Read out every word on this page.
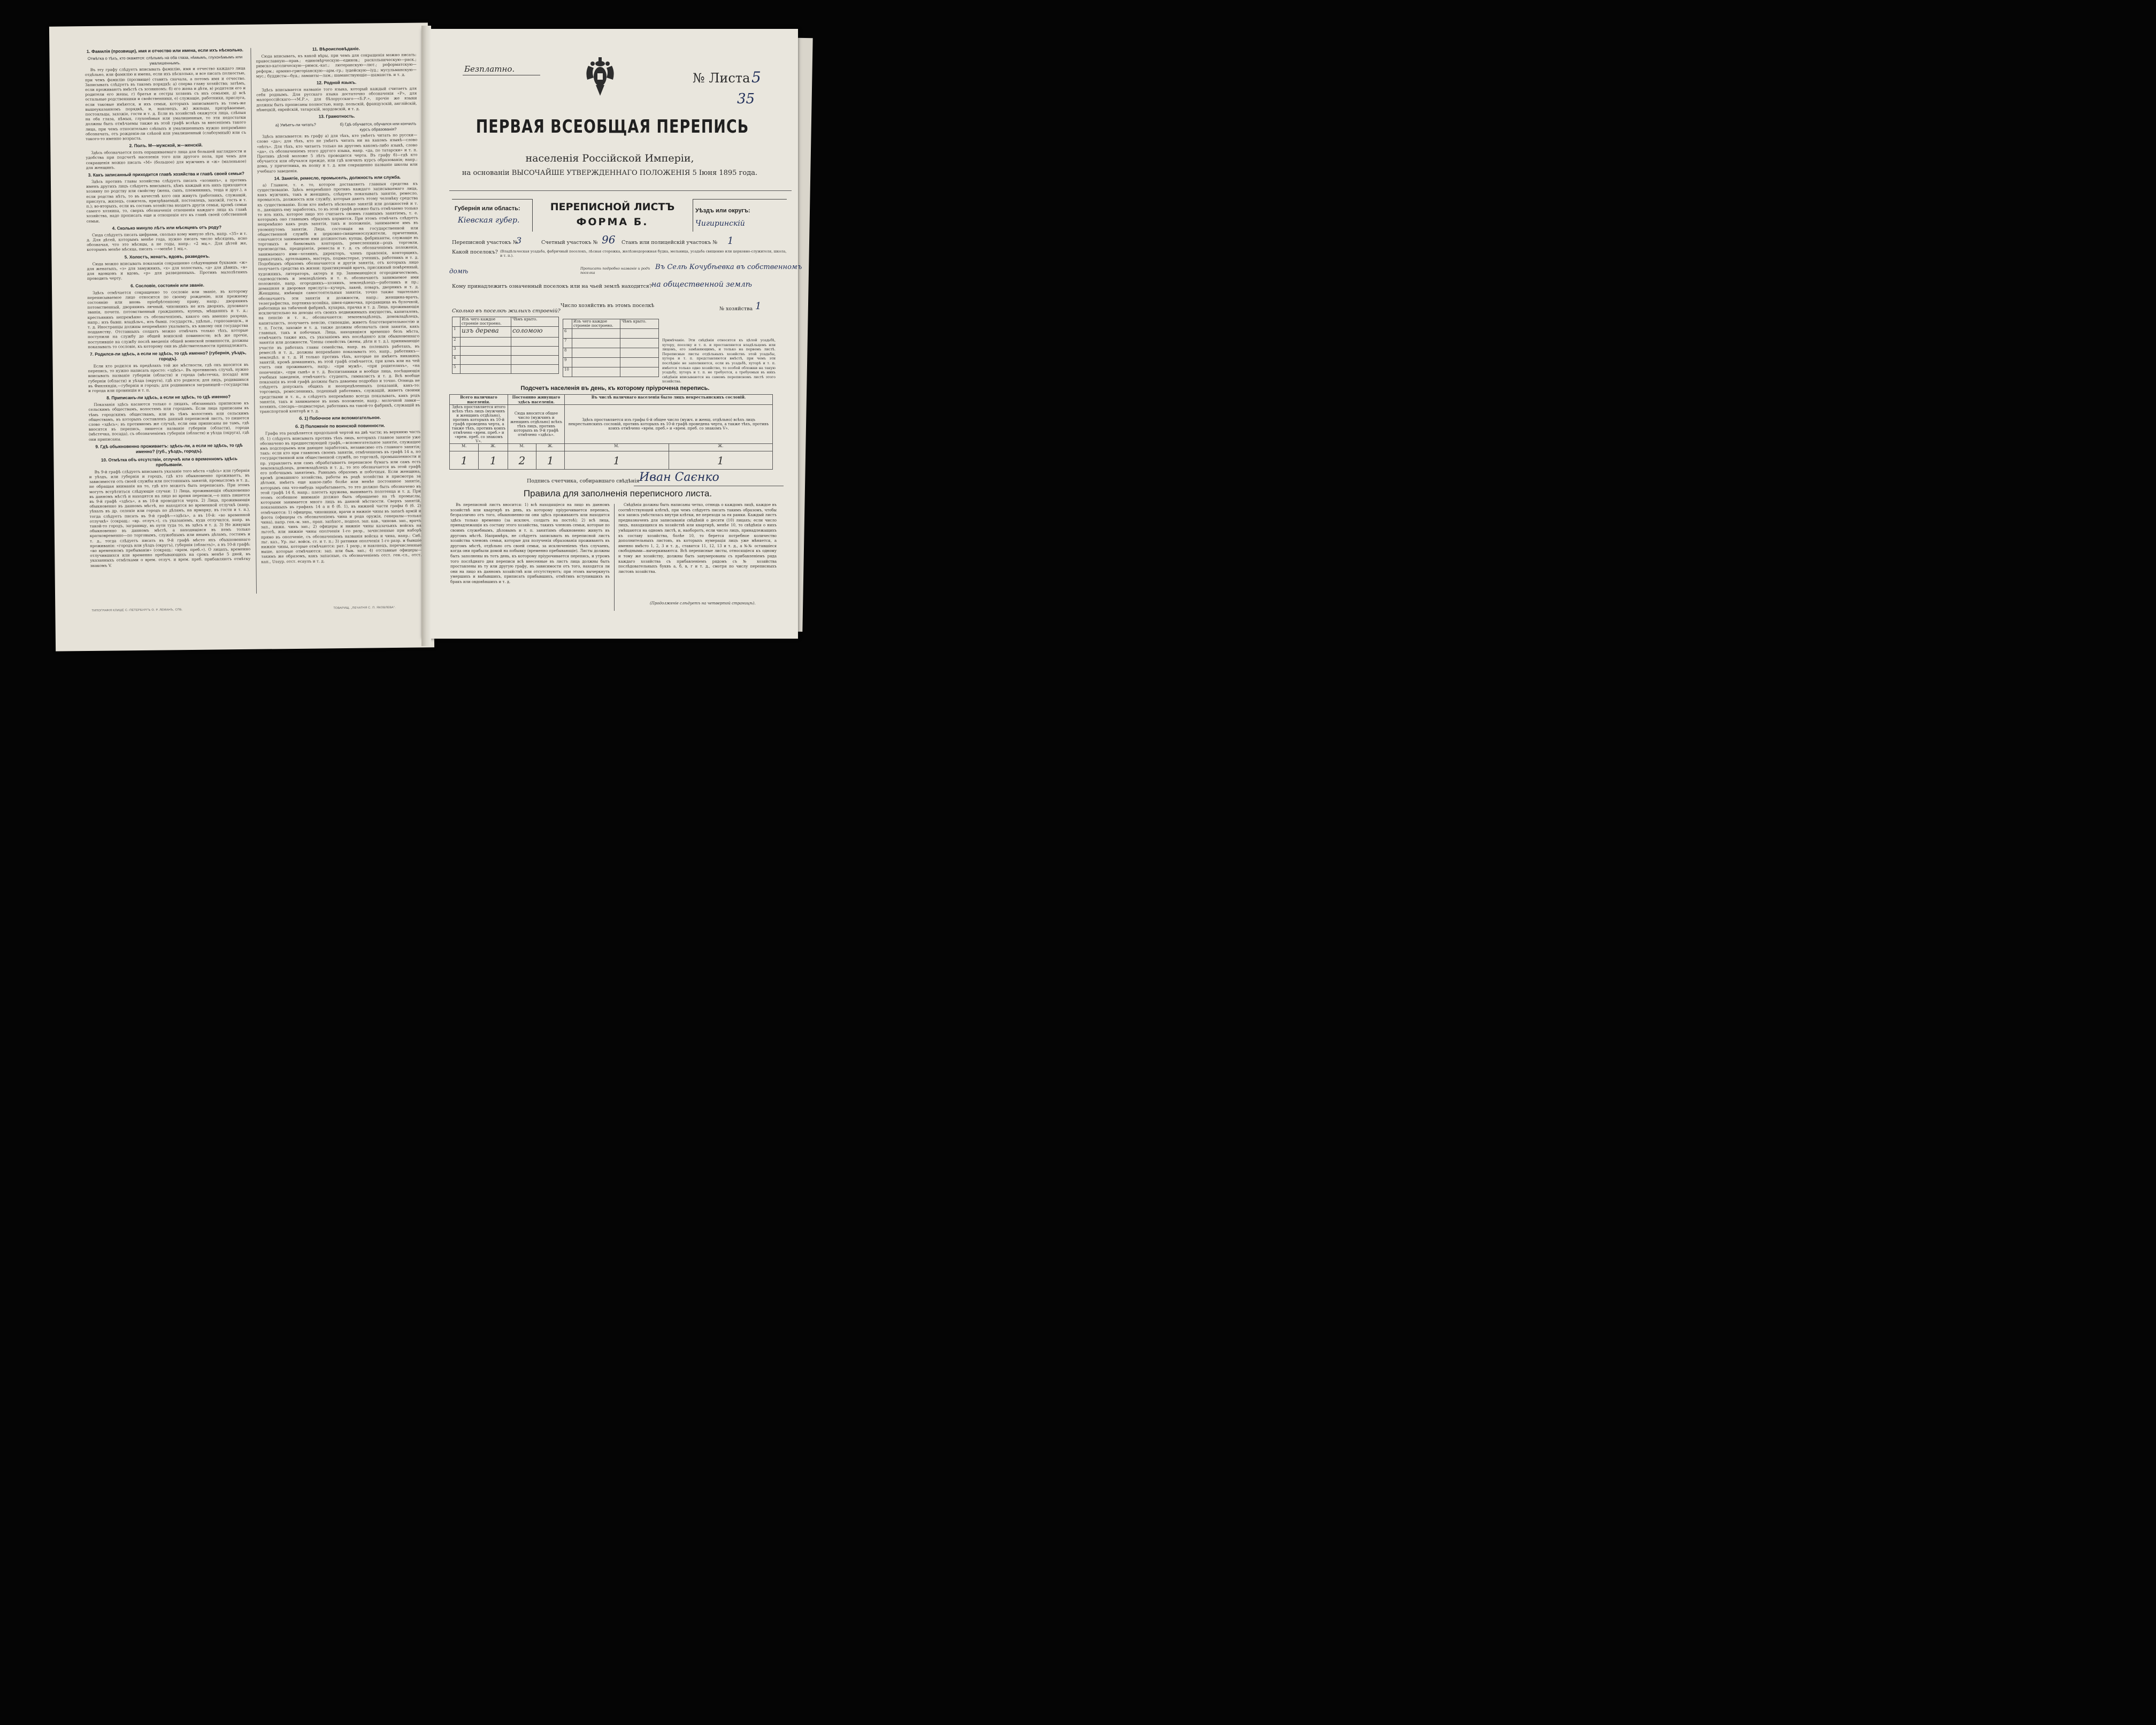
1. Фамилія (прозвище), имя и отчество или имена, если ихъ нѣсколько.
Отмѣтка о тѣхъ, кто окажется: слѣпымъ на оба глаза, нѣмымъ, глухонѣмымъ или умалишеннымъ.

Въ эту графу слѣдуетъ вписывать фамилію, имя и отчество каждаго лица отдѣльно, или фамилію и имена, если ихъ нѣсколько, и все писать полностью, при чемъ фамилію (прозвище) ставить сначала, а потомъ имя и отчество. Записывать слѣдуетъ въ такомъ порядкѣ: а) сперва главу хозяйства; затѣмъ, если проживаютъ вмѣстѣ съ хозяиномъ: б) его жена и дѣти, в) родители его и родители его жены, г) братья и сестры хозяевъ съ ихъ семьями, д) всѣ остальные родственники и свойственники, е) служащіе, работники, прислуга, если таковые имѣются, и ихъ семьи, которыхъ записываютъ въ томъ-же вышеуказанномъ порядкѣ, и, наконецъ, ж) жильцы, призрѣваемые, постояльцы, захожіе, гости и т. д. Если въ хозяйствѣ окажутся лица, слѣпыя на оба глаза, нѣмыя, глухонѣмыя или умалишенныя, то эти недостатки должны быть отмѣчаемы также въ этой графѣ вслѣдъ за внесеніемъ такого лица, при чемъ относительно слѣпыхъ и умалишенныхъ нужно непремѣнно обозначать, отъ рожденія-ли слѣпой или умалишенный (слабоумный) или съ такого-то именно возраста.

2. Полъ. М—мужской, ж—женскій.

Здѣсь обозначается полъ опрашиваемаго лица для большей наглядности и удобства при подсчетѣ населенія того или другого пола, при чемъ для сокращенія можно писать «М» (большое) для мужчинъ и «ж» (маленькое) для женщинъ.

3. Какъ записанный приходится главѣ хозяйства и главѣ своей семьи?

Здѣсь противъ главы хозяйства слѣдуетъ писать «хозяинъ», а противъ именъ другихъ лицъ слѣдуетъ вписывать, кѣмъ каждый изъ нихъ приходится хозяину по родству или свойству (жена, сынъ, племянникъ, теща и друг.), а если родства нѣтъ, то въ качествѣ кого они живутъ (работникъ, служащій, прислуга, жилецъ, сожитель, призрѣваемый, постоялецъ, захожій, гость и т. п.); во-вторыхъ, если въ составъ хозяйства входятъ другія семьи, кромѣ семьи самого хозяина, то, сверхъ обозначенія отношенія каждаго лица къ главѣ хозяйства, надо прописать еще и отношеніе его къ главѣ своей собственной семьи.

4. Сколько минуло лѣтъ или мѣсяцевъ отъ роду?

Сюда слѣдуетъ писать цифрами, сколько кому минуло лѣтъ, напр. «35» и т. д. Для дѣтей, которымъ менѣе года, нужно писать число мѣсяцевъ, ясно обозначая, что это мѣсяцы, а не годы, напр.: «2 мц.». Для дѣтей же, которымъ менѣе мѣсяца, писать —«менѣе 1 мц.».

5. Холостъ, женатъ, вдовъ, разведенъ.

Сюда можно вписывать показанія сокращенно слѣдующими буквами: «ж» для женатыхъ, «з» для замужнихъ, «х» для холостыхъ, «д» для дѣвицъ, «в» для вдовцовъ и вдовъ, «р» для разведенныхъ. Противъ малолѣтнихъ проводить черту.

6. Сословіе, состояніе или званіе.

Здѣсь отмѣчается сокращенно то сословіе или званіе, въ которому переписываемое лицо относится по своему рожденію, или прежнему состоянію или вновь пріобрѣтенному праву, напр.: дворянинъ потомственный, дворянинъ личный, чиновникъ не изъ дворянъ, духовнаго званія, почетн. потомственный гражданинъ, купецъ, мѣщанинъ и т. д.; крестьянинъ непремѣнно съ обозначеніемъ, какого онъ именно разряда, напр.: изъ бывш. владѣльч., изъ бывш. государств., удѣльн., горнозаводск., и т. д. Иностранцы должны непремѣнно указывать, къ какому они государства подданству. Отставныхъ солдатъ можно отмѣчать только тѣхъ, которые поступили на службу до общей воинской повинности; всѣ же прочіе, поступившіе на службу послѣ введенія общей воинской повинности, должны показывать то сословіе, къ которому они въ дѣйствительности принадлежатъ.

7. Родился-ли здѣсь, а если не здѣсь, то гдѣ именно? (губернія, уѣздъ, городъ).

Если кто родился въ предѣлахъ той же мѣстности, гдѣ онъ вносится въ перепись, то нужно написать просто: «здѣсь». Въ противномъ случаѣ, нужно вписывать названіе губерніи (области) и города (мѣстечка, посада) или губерніи (области) и уѣзда (округа), гдѣ кто родился; для лицъ, родившихся въ Финляндіи,—губернія и городъ; для родившихся заграницей—государства и города или провинціи и т. п.

8. Приписанъ-ли здѣсь, а если не здѣсь, то гдѣ именно?

Показанія здѣсь касаются только о лицахъ, обязанныхъ припискою къ сельскимъ обществамъ, волостямъ или городамъ. Если лица приписаны въ тѣмъ городскимъ обществамъ, или въ тѣмъ волостямъ или сельскимъ обществамъ, въ которыхъ составленъ данный переписной листъ, то пишется слово «здѣсь»; въ противномъ же случаѣ, если они приписаны не тамъ, гдѣ вносятся въ перепись, пишется названіе губерніи (области), города (мѣстечка, посада), съ обозначеніемъ губерніи (области) и уѣзда (округа), гдѣ они приписаны.

9. Гдѣ обыкновенно проживаетъ: здѣсь-ли, а если не здѣсь, то гдѣ именно? (губ., уѣздъ, городъ).
10. Отмѣтка объ отсутствіи, отлучкѣ или о временномъ здѣсь пребываніи.

Въ 9-й графѣ слѣдуетъ вписывать указаніе того мѣста «здѣсь» или губернія и уѣздъ, или губернія и городъ, гдѣ кто обыкновенно проживаетъ, въ зависимости отъ своей службы или постоянныхъ занятій, промысломъ и т. д., не обращая вниманія на то, гдѣ кто можетъ быть переписанъ. При этомъ могутъ встрѣтиться слѣдующіе случаи: 1) Лица, проживающія обыкновенно въ данномъ мѣстѣ и находятся на лицо во время переписи,—о нихъ пишется въ 9-й графѣ «здѣсь», а въ 10-й проводится черта. 2) Лица, проживающія обыкновенно въ данномъ мѣстѣ, но находятся во временной отлучкѣ (напр. уѣхалъ въ др. селеніе или городъ по дѣламъ, на ярмарку, въ гости и т. п.), тогда слѣдуетъ писать въ 9-й графѣ—«здѣсь», а въ 10-й: «во временной отлучкѣ» (сокращ.: «вр. отлуч.»), съ указаніемъ, куда отлучился, напр. въ такой-то городъ, заграницу, въ пути туда то, въ здѣсь и т. д. 3) Не живущія обыкновенно въ данномъ мѣстѣ, а находящіяся въ немъ только кратковременно—по торговымъ, служебнымъ или инымъ дѣламъ, гостямъ и т. д., тогда слѣдуетъ писать въ 9-й графѣ мѣсто ихъ обыкновеннаго проживанія: «городъ или уѣздъ (округъ), губернія (область)», а въ 10-й графѣ: «во временномъ пребываніи» (сокращ.: «врем. преб.»). О лицахъ, временно отлучившихся или временно пребывающихъ на срокъ менѣе 5 дней, въ указанныхъ отмѣтками о врем. отлуч. и врем. преб. прибавляютъ отмѣтку знакомъ V.

11. Вѣроисповѣданіе.

Сюда вписывать, къ какой вѣры, при чемъ для сокращенія можно писать: православную—прав.; единовѣрческую—единов.; раскольническую—раск.; римско-католическую—римск.-кат.; лютеранскую—лют.; реформатскую—реформ.; армяно-григоріанскую—арм.-гр.; іудейскую—іуд.; мусульманскую—мус.; буддисты—буд.; ламаиты—лам.; шаманствующіе—шаманств. и т. д.

12. Родной языкъ.

Здѣсь вписывается названіе того языка, который каждый считаетъ для себя роднымъ. Для русскаго языка достаточно обозначенія «Р», для малороссійскаго—«М.Р.», для бѣлорусскаго—«Б.Р.», прочіе же языки должны быть прописаны полностью, напр. польскій, французскій, англійскій, нѣмецкій, еврейскій, татарскій, мордовскій, и т. д.

13. Грамотность.
а) Умѣетъ-ли читать?	б) Гдѣ обучается, обучался или кончилъ курсъ образованія?

Здѣсь вписывается: въ графу а) для тѣхъ, кто умѣетъ читать по русски—слово «да»; для тѣхъ, кто не умѣетъ читать ни на какомъ языкѣ—слово «нѣтъ». Для тѣхъ, кто читаетъ только на другомъ какомъ-либо языкѣ, слово «да», съ обозначеніемъ этого другого языка, напр. «да, по татарски» и т. п. Противъ дѣтей моложе 5 лѣтъ проводится черта. Въ графу б)—гдѣ кто обучается или обучался прежде, или гдѣ кончилъ курсъ образованія; напр.: дома, у причетника, въ полку и т. д. или сокращенно названіе школы или учебнаго заведенія.

14. Занятіе, ремесло, промыселъ, должность или служба.

а) Главное, т. е. то, которое доставляетъ главныя средства къ существованію. Здѣсь непремѣнно противъ каждаго записываемаго лица, какъ мужчинъ, такъ и женщинъ, слѣдуетъ показывать занятіе, ремесло, промыселъ, должность или службу, которыя даютъ этому человѣку средства къ существованію. Если кто имѣетъ нѣсколько занятій или должностей и т. п., дающихъ ему заработокъ, то въ этой графѣ должно быть отмѣчаемо только то изъ нихъ, которое лицо это считаетъ своимъ главнымъ занятіемъ, т. е. которымъ оно главнымъ образомъ кормится. При этомъ отмѣчать слѣдуетъ непремѣнно какъ родъ занятія, такъ и положеніе, занимаемое имъ въ упомянутомъ занятіи. Лица, состоящія на государственной или общественной службѣ и церковно-священнослужители, причетники, означаются занимаемою ими должностью; купцы, фабриканты, служащіе въ торговыхъ и банковыхъ конторахъ, ремесленники—родъ торговли, производства, предпріятія, ремесла и т. д. съ обозначеніемъ положенія, занимаемаго ими—хозяинъ, директоръ, членъ правленія, конторщикъ, приказчикъ, артельщикъ, мастеръ, подмастерье, ученикъ, работникъ и т. д. Подобнымъ образомъ обозначаются и другія занятія, отъ которыхъ лицо получаетъ средства къ жизни: практикующій врачъ, присяжный повѣренный, художникъ, литераторъ, актеръ и пр. Занимающіеся огородничествомъ, садоводствомъ и земледѣліемъ и т. п. обозначаютъ занимаемое ими положеніе, напр. огородникъ—хозяинъ, земледѣлецъ—работникъ и пр.; домашняя и дворовая прислуга—кучеръ, лакей, поваръ, дворникъ и т. д. Женщины, имѣющія самостоятельныя занятія, точно также тщательно обозначаютъ эти занятія и должности, напр.: женщина-врачъ, телеграфистка, портниха-хозяйка, швея-одиночка, продавщица въ булочной, работница на табачной фабрикѣ, кухарка, прачка и т. д. Лица, проживающія исключительно на доходы отъ своихъ недвижимыхъ имуществъ, капиталовъ, на пенсію и т. п., обозначаются: землевладѣлецъ, домовладѣлецъ, капиталистъ, получаетъ пенсію, стипендію, живетъ благотворительностію и т. п. Гости, захожіе и т. д. также должны обозначать свои занятія, какъ главныя, такъ и побочныя. Лица, находящіяся временно безъ мѣста, отмѣчаютъ также ихъ, съ указаніемъ ихъ послѣдняго или обыкновеннаго занятія или должности. Члены семействъ (жены, дѣти и т. д.), принимающіе участіе въ работахъ главы семейства, напр. въ полевыхъ работахъ, въ ремеслѣ и т. д., должны непремѣнно показывать это, напр., работникъ—земледѣл. и т. д. И только противъ тѣхъ, которые не имѣютъ никакихъ занятій, кромѣ домашнихъ, въ этой графѣ отмѣчается, при комъ или на чей счетъ они проживаютъ, напр.: «при мужѣ», «при родителяхъ», «на попеченіи», «при сынѣ» и т. д. Воспитанники и вообще лица, посѣщающія учебныя заведенія, отмѣчаютъ: студентъ, гимназистъ и т. д. Всѣ вообще показанія въ этой графѣ должны быть даваемы подробно и точно. Отнюдь не слѣдуетъ допускать общихъ и неопредѣленныхъ показаній, какъ-то: торговецъ, ремесленникъ, поденный работникъ, служащій, живетъ своими средствами и т. п., а слѣдуетъ непремѣнно всегда показывать, какъ родъ занятія, такъ и занимаемое въ немъ положеніе, напр.: молочной лавки—хозяинъ, слесарь—подмастерье, работникъ на такой-то фабрикѣ, служащій въ транспортной конторѣ и т. д.

б. 1) Побочное или вспомогательное.
б. 2) Положеніе по воинской повинности.

Графа эта раздѣляется продольной чертой на двѣ части; въ верхнюю часть (б. 1) слѣдуетъ вписывать противъ тѣхъ лицъ, которыхъ главное занятіе уже обозначено въ предшествующей графѣ,—вспомогательное занятіе, служащее имъ подспорьемъ или дающее заработокъ, независимо отъ главнаго занятія; такъ: если кто при главномъ своемъ занятіи, отмѣченномъ въ графѣ 14 а, по государственной или общественной службѣ, по торговлѣ, промышленности и пр. управляетъ или самъ обрабатываетъ переписное бумагъ или самъ есть землевладѣлецъ, домовладѣлецъ и т. д., то это обозначается въ этой графѣ его побочнымъ занятіемъ. Равнымъ образомъ и побочныя. Если женщина, кромѣ домашняго хозяйства, работы въ родѣ хозяйства и присмотра за дѣтьми, имѣетъ еще какое-либо болѣе или менѣе постоянное занятіе, которымъ она что-нибудь зарабатываетъ, то это должно быть обозначено въ этой графѣ 14 б, напр.: плететъ кружева, вышиваетъ полотенца и т. д. При этомъ особенное вниманіе должно быть обращаемо на тѣ промыслы, которыми занимается много лицъ въ данной мѣстности. Сверхъ занятій, показанныхъ въ графахъ 14 а и б (б. 1), въ нижней части графы б (б. 2) отмѣчаются: 1) офицеры, чиновники, врачи и нижніе чины въ запасѣ армій и флота (офицеры съ обозначеніемъ чина и рода оружія, генералы—только чина), напр. ген.-м. зап., прап. запѣхот., подпол. зап. кав., чиновн. зап., врачъ зап., нижн. чинъ зап.; 2) офицеры и нижніе чины казачьихъ войскъ на льготѣ, или нижніе чины ополченія 1-го разр., зачисленные при наборѣ прямо въ ополченіе, съ обозначеніемъ названія войска и чина, напр.: Сиб. льг. каз., Ур. льг. войск. ст. и т. п.; 3) ратники ополченія 1-го разр. и бывшіе нижніе чины, которые отмѣчаются: рат. 1 разр.; и наконецъ, перечисленные выше, которые отмѣчаются: зап. или быв. зап.; 4) отставные офицеры—такимъ же образомъ, какъ запасные, съ обозначеніемъ отст. ген.-сл., отст. кап., Ussур. отст. есаулъ и т. д.

ТИПОГРАФІЯ КЛИШЕ С.-ПЕТЕРБУРГЪ О. Р. ЛЕМАНЪ, СПБ.
ТОВАРИЩ. „ПЕЧАТНЯ С. П. ЯКОВЛЕВА“.
Безплатно.
№ Листа 5
35
ПЕРВАЯ ВСЕОБЩАЯ ПЕРЕПИСЬ
населенія Россійской Имперіи,
на основаніи ВЫСОЧАЙШЕ УТВЕРЖДЕННАГО ПОЛОЖЕНІЯ 5 Іюня 1895 года.
Губернія или область:
Кіевская губер.
ПЕРЕПИСНОЙ ЛИСТЪ
ФОРМА Б.
Уѣздъ или округъ:
Чигиринскій
Переписной участокъ №
3	Счетный участокъ № 96 Станъ или полицейскій участокъ № 1
Какой поселокъ? (Владѣльческая усадьба, фабричный поселокъ, лѣсная сторожка, желѣзнодорожная будка, мельница, усадьба священно или церковно-служителя, школа, и т. п.).
Прописать подробно названіе и родъ поселка
Въ Селѣ Кочубѣевка въ собственномъ
домѣ
Кому принадлежитъ означенный поселокъ или на чьей землѣ находится? на общественной землѣ
Число хозяйствъ въ этомъ поселкѣ
№ хозяйства 1
Сколько въ поселкѣ жилыхъ строеній?
	Изъ чего каждое строеніе построено.	Чѣмъ крыто.
1	изъ дерева	соломою
2		
3		
4		
5		
	Изъ чего каждое строеніе построено.	Чѣмъ крыто.
6		
7		
8		
9		
10		
Примѣчаніе. Эти свѣдѣнія относятся къ цѣлой усадьбѣ, хутору, поселку и т. п. и проставляются владѣльцемъ или лицомъ, его замѣняющимъ, и только на первомъ листѣ. Переписные листы отдѣльныхъ хозяйствъ этой усадьбы, хутора и т. п. представляются вмѣстѣ, при чемъ эти послѣдніе не заполняются, если въ усадьбѣ, хуторѣ и т. п. имѣется только одно хозяйство, то особой обложки на такую усадьбу, хуторъ и т. п. не требуется, а требуемыя въ нихъ свѣдѣнія вписываются на самомъ переписномъ листѣ этого хозяйства.
Подсчетъ населенія въ день, къ которому пріурочена перепись.
Всего наличнаго населенія.		Постоянно живущаго здѣсь населенія.		Въ числѣ наличнаго населенія было лицъ некрестьянскихъ сословій.	
Здѣсь проставляется итого всѣхъ тѣхъ лицъ (мужчинъ и женщинъ отдѣльно), противъ которыхъ въ 10-й графѣ проведена черта, а также тѣхъ, противъ коихъ отмѣчено «врем. преб.» и «врем. преб. со знакомъ V».		Сюда вносится общее число (мужчинъ и женщинъ отдѣльно) всѣхъ тѣхъ лицъ, противъ которыхъ въ 9-й графѣ отмѣчено «здѣсь».		Здѣсь проставляется изъ графы 6-й общее число (мужч. и женщ. отдѣльно) всѣхъ лицъ некрестьянскихъ сословій, противъ которыхъ въ 10-й графѣ проведена черта, а также тѣхъ, противъ коихъ отмѣчено «врем. преб.» и «врем. преб. со знакомъ V».	
М.	Ж.	М.	Ж.	М.	Ж.
1	1	2	1	1	1
Подпись счетчика, собиравшаго свѣдѣнія Иван Саєнко
Правила для заполненія переписного листа.
Въ переписной листъ вносится: 1) всѣ находящіеся на лицо въ данномъ хозяйствѣ или квартирѣ въ день, къ которому пріурочивается перепись, безразлично отъ того, обыкновенно-ли они здѣсь проживаютъ или находятся здѣсь только временно (за исключ. солдатъ на постоѣ); 2) всѣ лица, принадлежащія къ составу этого хозяйства, такихъ членовъ семьи, которые по своимъ служебнымъ, дѣловымъ и т. п. занятіямъ обыкновенно живутъ въ другомъ мѣстѣ. Напримѣръ, не слѣдуетъ записывать въ переписной листъ хозяйства членовъ семьи, которые для полученія образованія проживаютъ въ другомъ мѣстѣ, отдѣльно отъ своей семьи, за исключеніемъ тѣхъ случаевъ, когда они прибыли домой на побывку (временно пребывающіе). Листы должны быть заполнены въ тотъ день, къ которому пріурочивается перепись, и утромъ того послѣдняго дня переписи всѣ внесенные въ листъ лица должны быть проставлены въ ту или другую графу, въ зависимости отъ того, находятся ли они на лицо въ данномъ хозяйствѣ или отсутствуютъ; при этомъ вычеркнуть умершихъ и выбывшихъ, приписать прибывшихъ, отмѣтивъ вступившихъ въ бракъ или овдовѣвшихъ и т. д.
Свѣдѣнія должны быть написаны четко, отнюдь о каждомъ лицѣ, каждое въ соотвѣтствующей клѣткѣ, при чемъ слѣдуетъ писать такимъ образомъ, чтобы вся запись умѣстилась внутри клѣтки, не переходя за ея рамки. Каждый листъ предназначенъ для записыванія свѣдѣній о десяти (10) лицахъ; если число лицъ, находящихся въ хозяйствѣ или квартирѣ, менѣе 10, то свѣдѣнія о нихъ умѣщаются на одномъ листѣ, и, наоборотъ, если число лицъ, принадлежащихъ къ составу хозяйства, болѣе 10, то берется потребное количество дополнительныхъ листовъ, въ которыхъ нумерація лицъ уже мѣняется, а именно вмѣсто 1, 2, 3 и т. д., ставятся 11, 12, 13 и т. д., а №№ оставшіеся свободными—вычеркиваются. Всѣ переписные листы, относящіеся къ одному и тому же хозяйству, должны быть занумерованы съ прибавленіемъ ряда каждаго хозяйства съ прибавленіемъ рядомъ съ № хозяйства послѣдовательныхъ буквъ а, б, в, г и т. д., смотря по числу переписныхъ листовъ хозяйства.
(Продолженіе слѣдуетъ на четвертой страницѣ).
